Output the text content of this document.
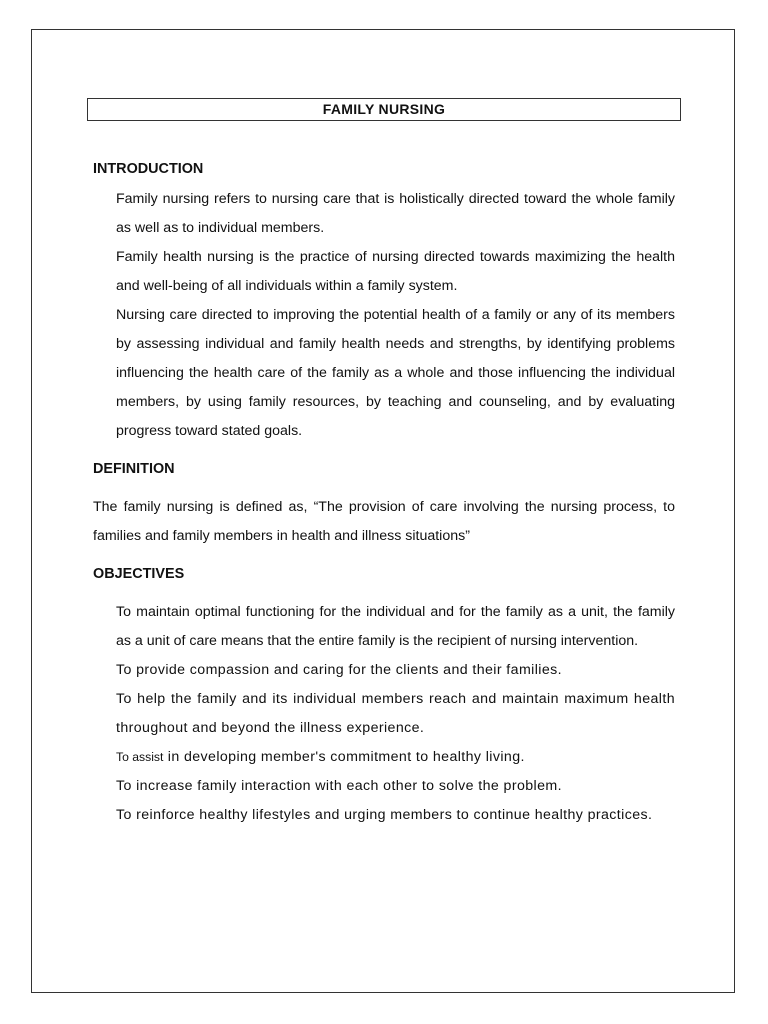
FAMILY NURSING
INTRODUCTION
Family nursing refers to nursing care that is holistically directed toward the whole family as well as to individual members.
Family health nursing is the practice of nursing directed towards maximizing the health and well-being of all individuals within a family system.
Nursing care directed to improving the potential health of a family or any of its members by assessing individual and family health needs and strengths, by identifying problems influencing the health care of the family as a whole and those influencing the individual members, by using family resources, by teaching and counseling, and by evaluating progress toward stated goals.
DEFINITION

The family nursing is defined as, “The provision of care involving the nursing process, to families and family members in health and illness situations”

OBJECTIVES
To maintain optimal functioning for the individual and for the family as a unit, the family as a unit of care means that the entire family is the recipient of nursing intervention.
To provide compassion and caring for the clients and their families.
To help the family and its individual members reach and maintain maximum health throughout and beyond the illness experience.
To assist in developing member's commitment to healthy living.
To increase family interaction with each other to solve the problem.
To reinforce healthy lifestyles and urging members to continue healthy practices.
